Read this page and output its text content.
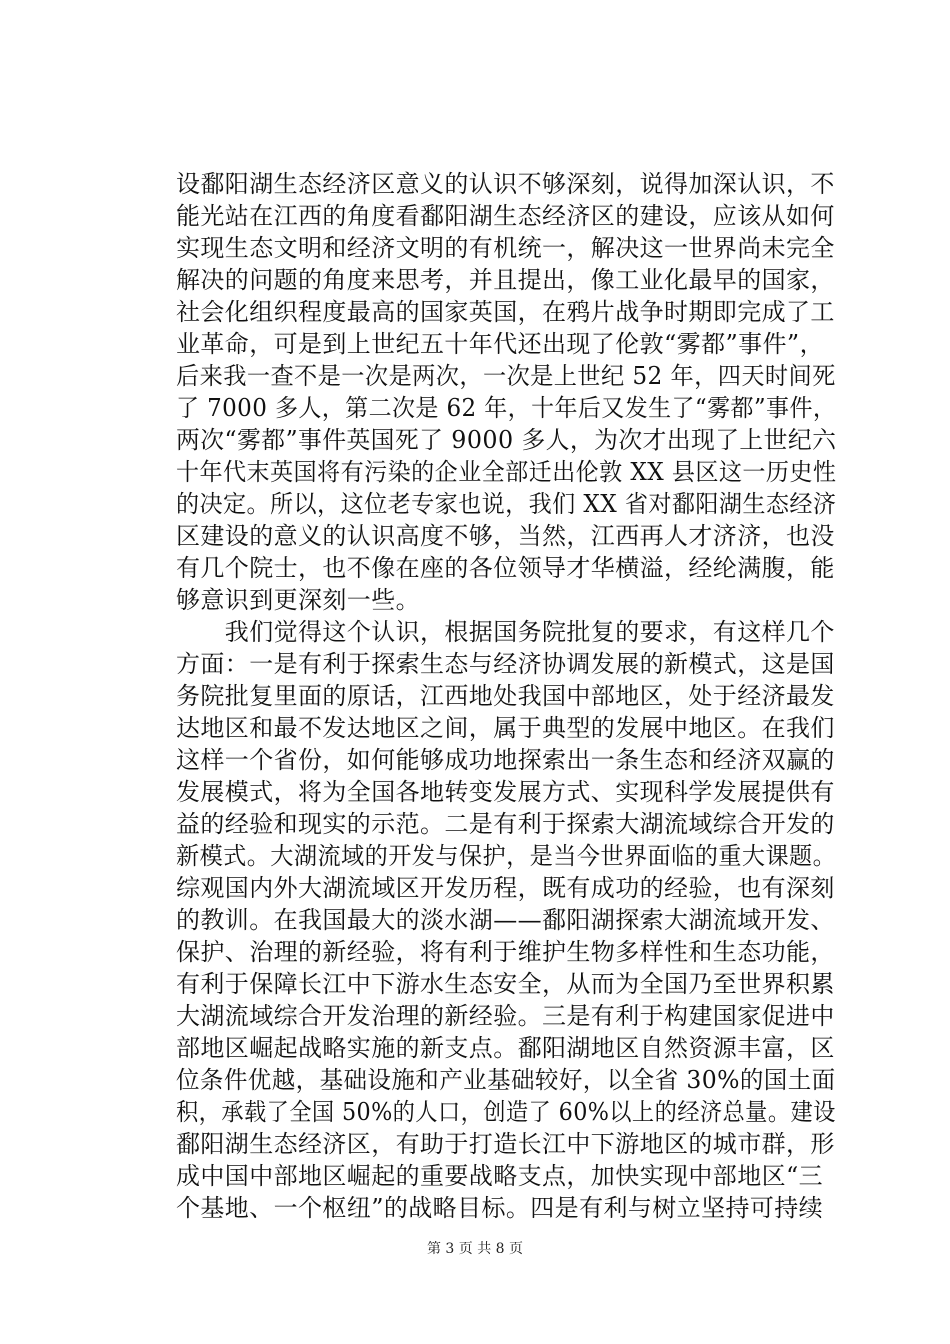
设鄱阳湖生态经济区意义的认识不够深刻，说得加深认识，不
能光站在江西的角度看鄱阳湖生态经济区的建设，应该从如何
实现生态文明和经济文明的有机统一，解决这一世界尚未完全
解决的问题的角度来思考，并且提出，像工业化最早的国家，
社会化组织程度最高的国家英国，在鸦片战争时期即完成了工
业革命，可是到上世纪五十年代还出现了伦敦“雾都”事件”，
后来我一查不是一次是两次，一次是上世纪 52 年，四天时间死
了 7000 多人，第二次是 62 年，十年后又发生了“雾都”事件，
两次“雾都”事件英国死了 9000 多人，为次才出现了上世纪六
十年代末英国将有污染的企业全部迁出伦敦 XX 县区这一历史性
的决定。所以，这位老专家也说，我们 XX 省对鄱阳湖生态经济
区建设的意义的认识高度不够，当然，江西再人才济济，也没
有几个院士，也不像在座的各位领导才华横溢，经纶满腹，能
够意识到更深刻一些。
　　我们觉得这个认识，根据国务院批复的要求，有这样几个
方面：一是有利于探索生态与经济协调发展的新模式，这是国
务院批复里面的原话，江西地处我国中部地区，处于经济最发
达地区和最不发达地区之间，属于典型的发展中地区。在我们
这样一个省份，如何能够成功地探索出一条生态和经济双赢的
发展模式，将为全国各地转变发展方式、实现科学发展提供有
益的经验和现实的示范。二是有利于探索大湖流域综合开发的
新模式。大湖流域的开发与保护，是当今世界面临的重大课题。
综观国内外大湖流域区开发历程，既有成功的经验，也有深刻
的教训。在我国最大的淡水湖——鄱阳湖探索大湖流域开发、
保护、治理的新经验，将有利于维护生物多样性和生态功能，
有利于保障长江中下游水生态安全，从而为全国乃至世界积累
大湖流域综合开发治理的新经验。三是有利于构建国家促进中
部地区崛起战略实施的新支点。鄱阳湖地区自然资源丰富，区
位条件优越，基础设施和产业基础较好，以全省 30%的国土面
积，承载了全国 50%的人口，创造了 60%以上的经济总量。建设
鄱阳湖生态经济区，有助于打造长江中下游地区的城市群，形
成中国中部地区崛起的重要战略支点，加快实现中部地区“三
个基地、一个枢纽”的战略目标。四是有利与树立坚持可持续
第 3 页 共 8 页
